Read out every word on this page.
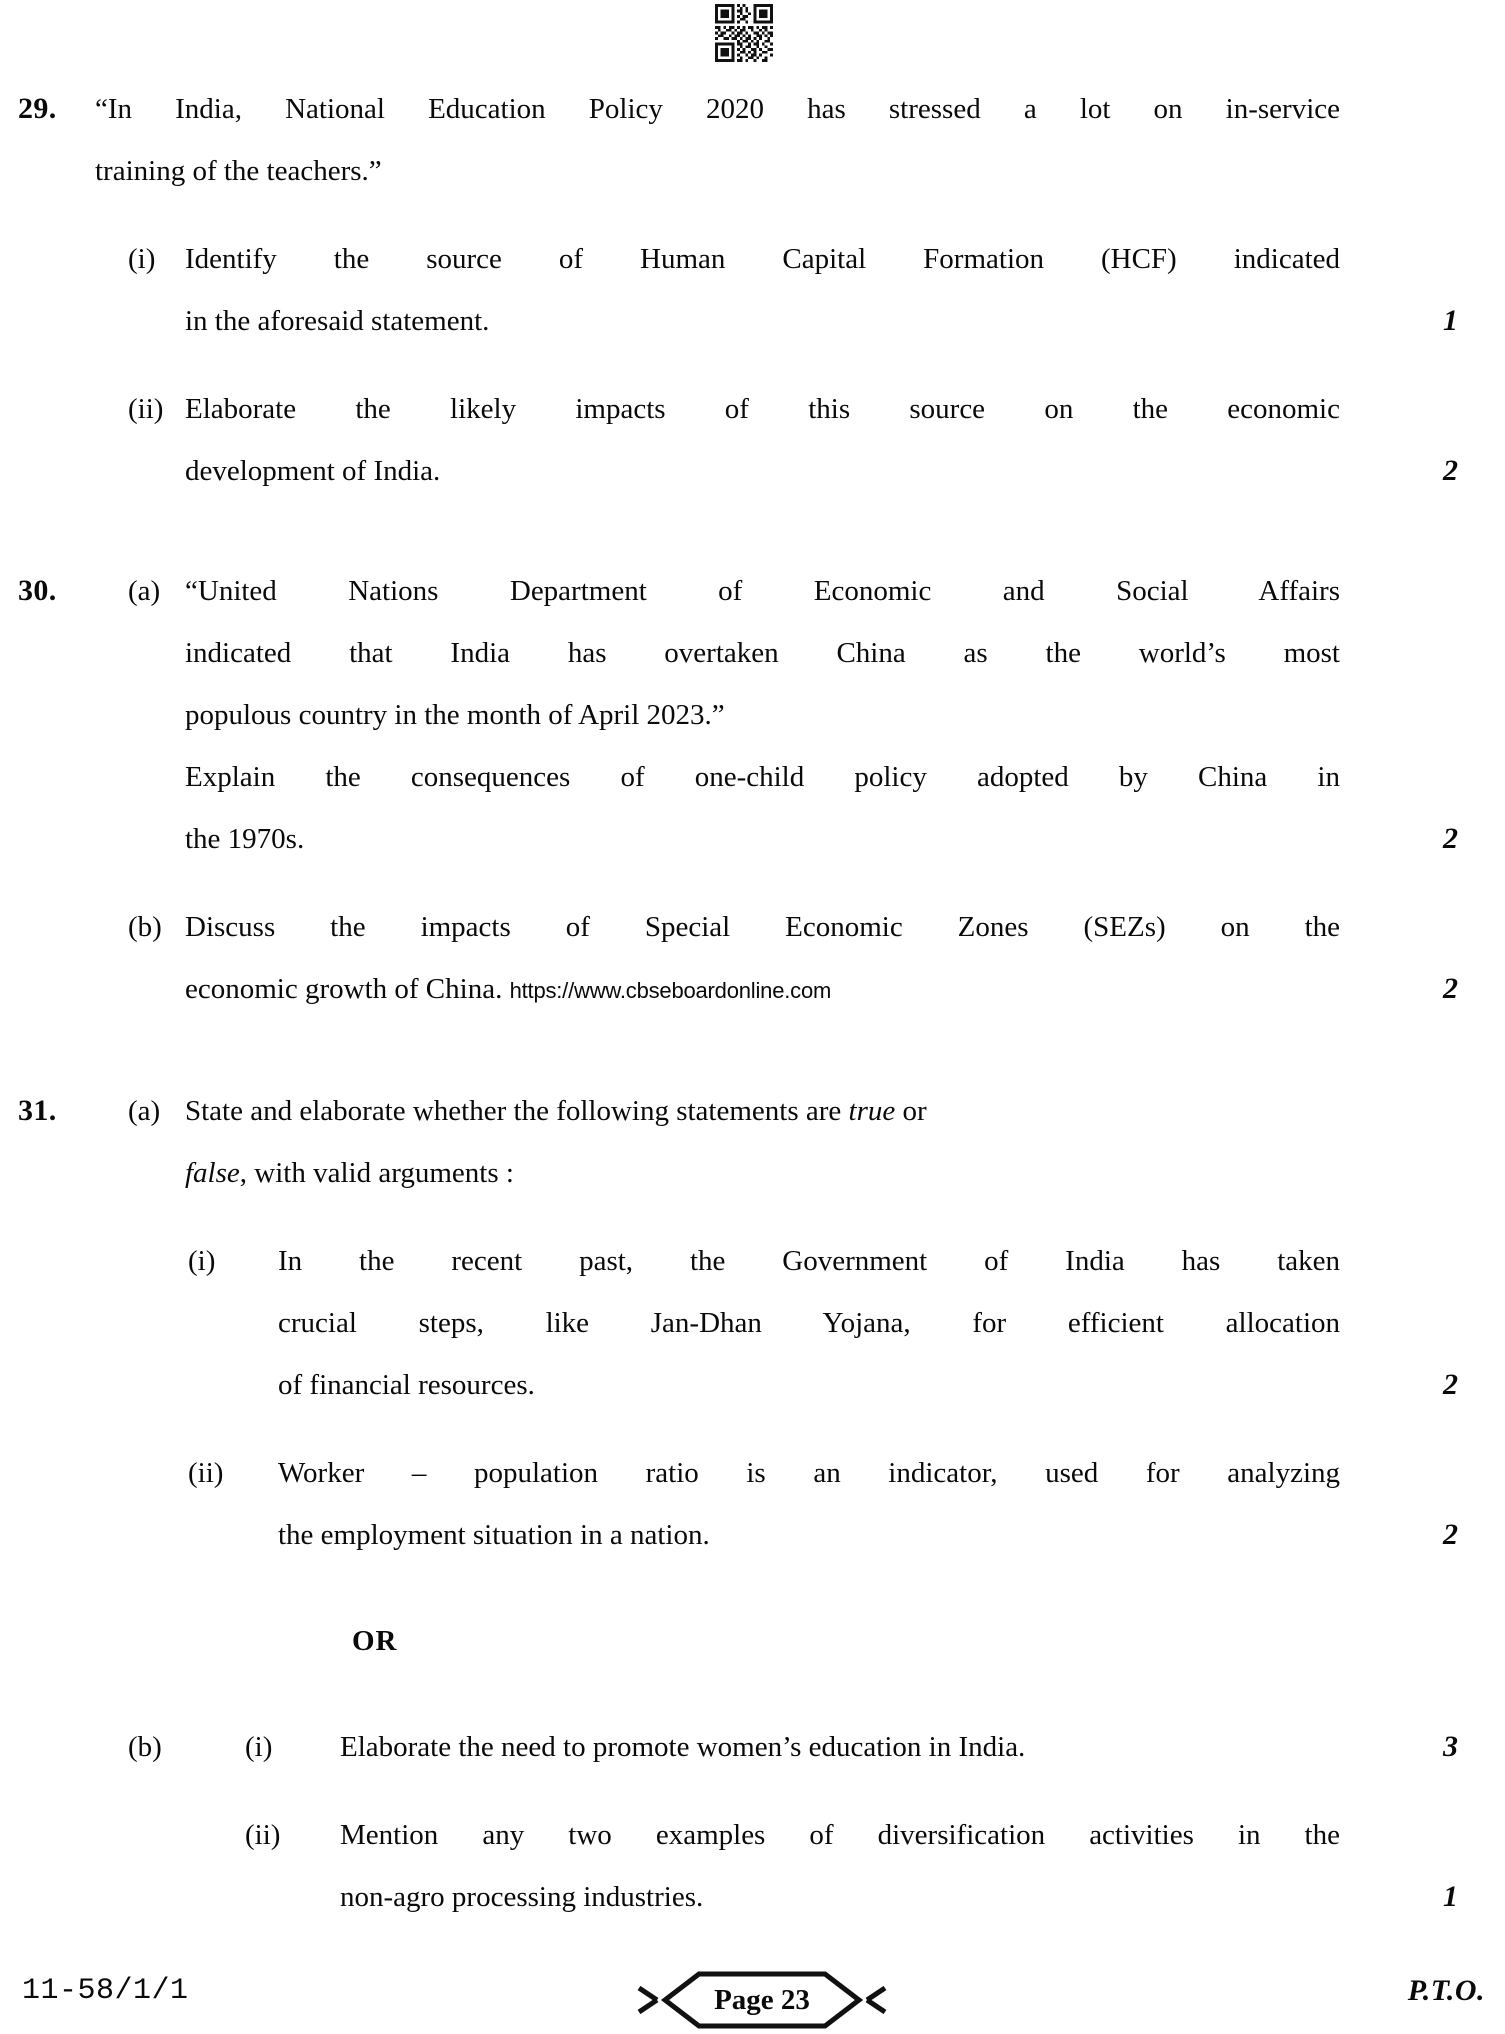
29. “In India, National Education Policy 2020 has stressed a lot on in-service

training of the teachers.”

(i) Identify the source of Human Capital Formation (HCF) indicated

in the aforesaid statement.	1
(ii) Elaborate the likely impacts of this source on the economic

development of India.	2
30. (a) “United Nations Department of Economic and Social Affairs

indicated that India has overtaken China as the world’s most

populous country in the month of April 2023.”

Explain the consequences of one-child policy adopted by China in

the 1970s.	2
(b) Discuss the impacts of Special Economic Zones (SEZs) on the

economic growth of China. https://www.cbseboardonline.com	2
31. (a) State and elaborate whether the following statements are true or

false, with valid arguments :

(i) In the recent past, the Government of India has taken

crucial steps, like Jan-Dhan Yojana, for efficient allocation

of financial resources.	2
(ii) Worker – population ratio is an indicator, used for analyzing

the employment situation in a nation.	2
OR
(b)	(i) Elaborate the need to promote women’s education in India.	3
(ii) Mention any two examples of diversification activities in the

non-agro processing industries.	1
11-58/1/1	Page 23	P.T.O.
